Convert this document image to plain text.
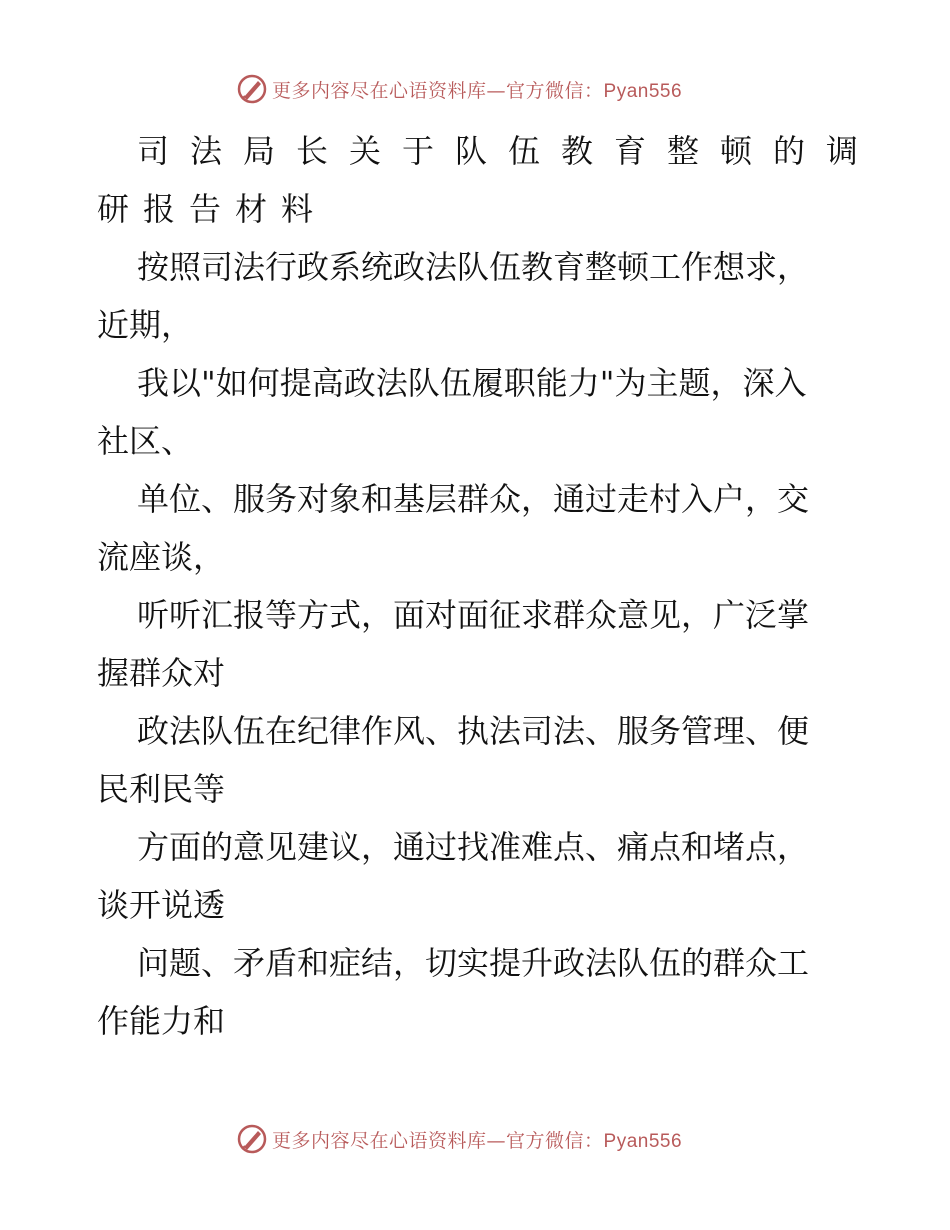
更多内容尽在心语资料库—官方微信：Pyan556
司法局长关于队伍教育整顿的调
研报告材料
按照司法行政系统政法队伍教育整顿工作想求，
近期，
我以"如何提高政法队伍履职能力"为主题，深入
社区、
单位、服务对象和基层群众，通过走村入户，交
流座谈，
听听汇报等方式，面对面征求群众意见，广泛掌
握群众对
政法队伍在纪律作风、执法司法、服务管理、便
民利民等
方面的意见建议，通过找准难点、痛点和堵点，
谈开说透
问题、矛盾和症结，切实提升政法队伍的群众工
作能力和
更多内容尽在心语资料库—官方微信：Pyan556
